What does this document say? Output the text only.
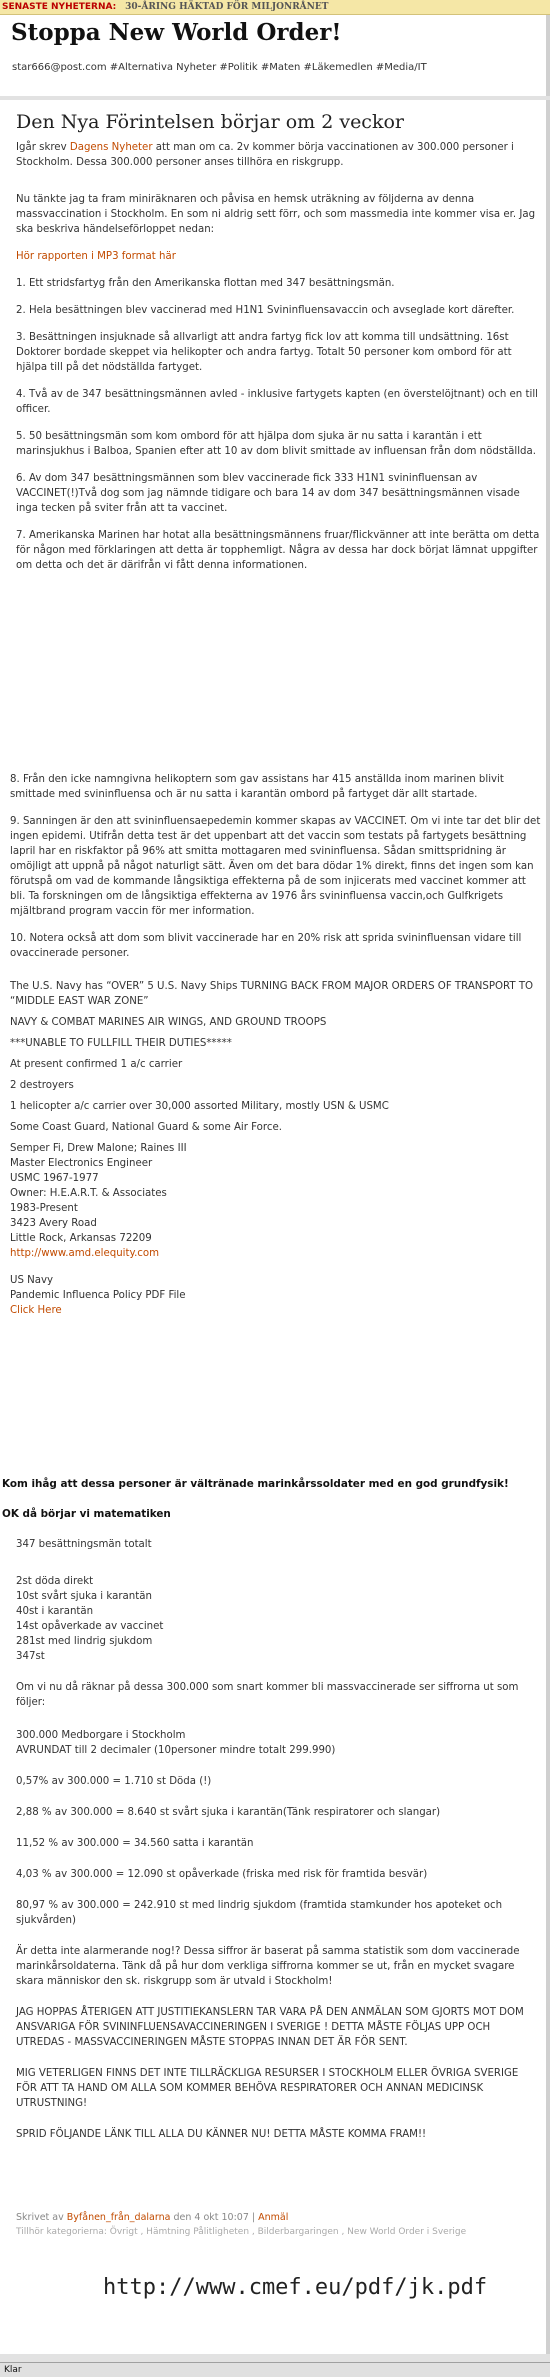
SENASTE NYHETERNA: 30-ÅRING HÄKTAD FÖR MILJONRÅNET
Stoppa New World Order!
star666@post.com #Alternativa Nyheter #Politik #Maten #Läkemedlen #Media/IT
Den Nya Förintelsen börjar om 2 veckor

Igår skrev Dagens Nyheter att man om ca. 2v kommer börja vaccinationen av 300.000 personer i Stockholm. Dessa 300.000 personer anses tillhöra en riskgrupp.

Nu tänkte jag ta fram miniräknaren och påvisa en hemsk uträkning av följderna av denna massvaccination i Stockholm. En som ni aldrig sett förr, och som massmedia inte kommer visa er. Jag ska beskriva händelseförloppet nedan:

Hör rapporten i MP3 format här

1. Ett stridsfartyg från den Amerikanska flottan med 347 besättningsmän.

2. Hela besättningen blev vaccinerad med H1N1 Svininfluensavaccin och avseglade kort därefter.

3. Besättningen insjuknade så allvarligt att andra fartyg fick lov att komma till undsättning. 16st Doktorer bordade skeppet via helikopter och andra fartyg. Totalt 50 personer kom ombord för att hjälpa till på det nödställda fartyget.

4. Två av de 347 besättningsmännen avled - inklusive fartygets kapten (en överstelöjtnant) och en till officer.

5. 50 besättningsmän som kom ombord för att hjälpa dom sjuka är nu satta i karantän i ett marinsjukhus i Balboa, Spanien efter att 10 av dom blivit smittade av influensan från dom nödställda.

6. Av dom 347 besättningsmännen som blev vaccinerade fick 333 H1N1 svininfluensan av VACCINET(!)Två dog som jag nämnde tidigare och bara 14 av dom 347 besättningsmännen visade inga tecken på sviter från att ta vaccinet.

7. Amerikanska Marinen har hotat alla besättningsmännens fruar/flickvänner att inte berätta om detta för någon med förklaringen att detta är topphemligt. Några av dessa har dock börjat lämnat uppgifter om detta och det är därifrån vi fått denna informationen.

8. Från den icke namngivna helikoptern som gav assistans har 415 anställda inom marinen blivit smittade med svininfluensa och är nu satta i karantän ombord på fartyget där allt startade.

9. Sanningen är den att svininfluensaepedemin kommer skapas av VACCINET. Om vi inte tar det blir det ingen epidemi. Utifrån detta test är det uppenbart att det vaccin som testats på fartygets besättning lapril har en riskfaktor på 96% att smitta mottagaren med svininfluensa. Sådan smittspridning är omöjligt att uppnå på något naturligt sätt. Även om det bara dödar 1% direkt, finns det ingen som kan förutspå om vad de kommande långsiktiga effekterna på de som injicerats med vaccinet kommer att bli. Ta forskningen om de långsiktiga effekterna av 1976 års svininfluensa vaccin,och Gulfkrigets mjältbrand program vaccin för mer information.

10. Notera också att dom som blivit vaccinerade har en 20% risk att sprida svininfluensan vidare till ovaccinerade personer.

The U.S. Navy has “OVER” 5 U.S. Navy Ships TURNING BACK FROM MAJOR ORDERS OF TRANSPORT TO “MIDDLE EAST WAR ZONE”

NAVY & COMBAT MARINES AIR WINGS, AND GROUND TROOPS

***UNABLE TO FULLFILL THEIR DUTIES*****

At present confirmed 1 a/c carrier

2 destroyers

1 helicopter a/c carrier over 30,000 assorted Military, mostly USN & USMC

Some Coast Guard, National Guard & some Air Force.

Semper Fi, Drew Malone; Raines III

Master Electronics Engineer

USMC 1967-1977

Owner: H.E.A.R.T. & Associates

1983-Present

3423 Avery Road

Little Rock, Arkansas 72209

http://www.amd.elequity.com

US Navy

Pandemic Influenca Policy PDF File

Click Here

Kom ihåg att dessa personer är vältränade marinkårssoldater med en god grundfysik!
OK då börjar vi matematiken

347 besättningsmän totalt

2st döda direkt

10st svårt sjuka i karantän

40st i karantän

14st opåverkade av vaccinet

281st med lindrig sjukdom

347st

Om vi nu då räknar på dessa 300.000 som snart kommer bli massvaccinerade ser siffrorna ut som följer:

300.000 Medborgare i Stockholm

AVRUNDAT till 2 decimaler (10personer mindre totalt 299.990)

0,57% av 300.000 = 1.710 st Döda (!)

2,88 % av 300.000 = 8.640 st svårt sjuka i karantän(Tänk respiratorer och slangar)

11,52 % av 300.000 = 34.560 satta i karantän

4,03 % av 300.000 = 12.090 st opåverkade (friska med risk för framtida besvär)

80,97 % av 300.000 = 242.910 st med lindrig sjukdom (framtida stamkunder hos apoteket och sjukvården)

Är detta inte alarmerande nog!? Dessa siffror är baserat på samma statistik som dom vaccinerade marinkårsoldaterna. Tänk då på hur dom verkliga siffrorna kommer se ut, från en mycket svagare skara människor den sk. riskgrupp som är utvald i Stockholm!

JAG HOPPAS ÅTERIGEN ATT JUSTITIEKANSLERN TAR VARA PÅ DEN ANMÄLAN SOM GJORTS MOT DOM ANSVARIGA FÖR SVININFLUENSAVACCINERINGEN I SVERIGE ! DETTA MÅSTE FÖLJAS UPP OCH UTREDAS - MASSVACCINERINGEN MÅSTE STOPPAS INNAN DET ÄR FÖR SENT.

MIG VETERLIGEN FINNS DET INTE TILLRÄCKLIGA RESURSER I STOCKHOLM ELLER ÖVRIGA SVERIGE FÖR ATT TA HAND OM ALLA SOM KOMMER BEHÖVA RESPIRATORER OCH ANNAN MEDICINSK UTRUSTNING!

SPRID FÖLJANDE LÄNK TILL ALLA DU KÄNNER NU! DETTA MÅSTE KOMMA FRAM!!

http://www.cmef.eu/pdf/jk.pdf
Skrivet av Byfånen_från_dalarna den 4 okt 10:07 | Anmäl
Tillhör kategorierna: Övrigt , Hämtning Pålitligheten , Bilderbargaringen , New World Order i Sverige
Klar
